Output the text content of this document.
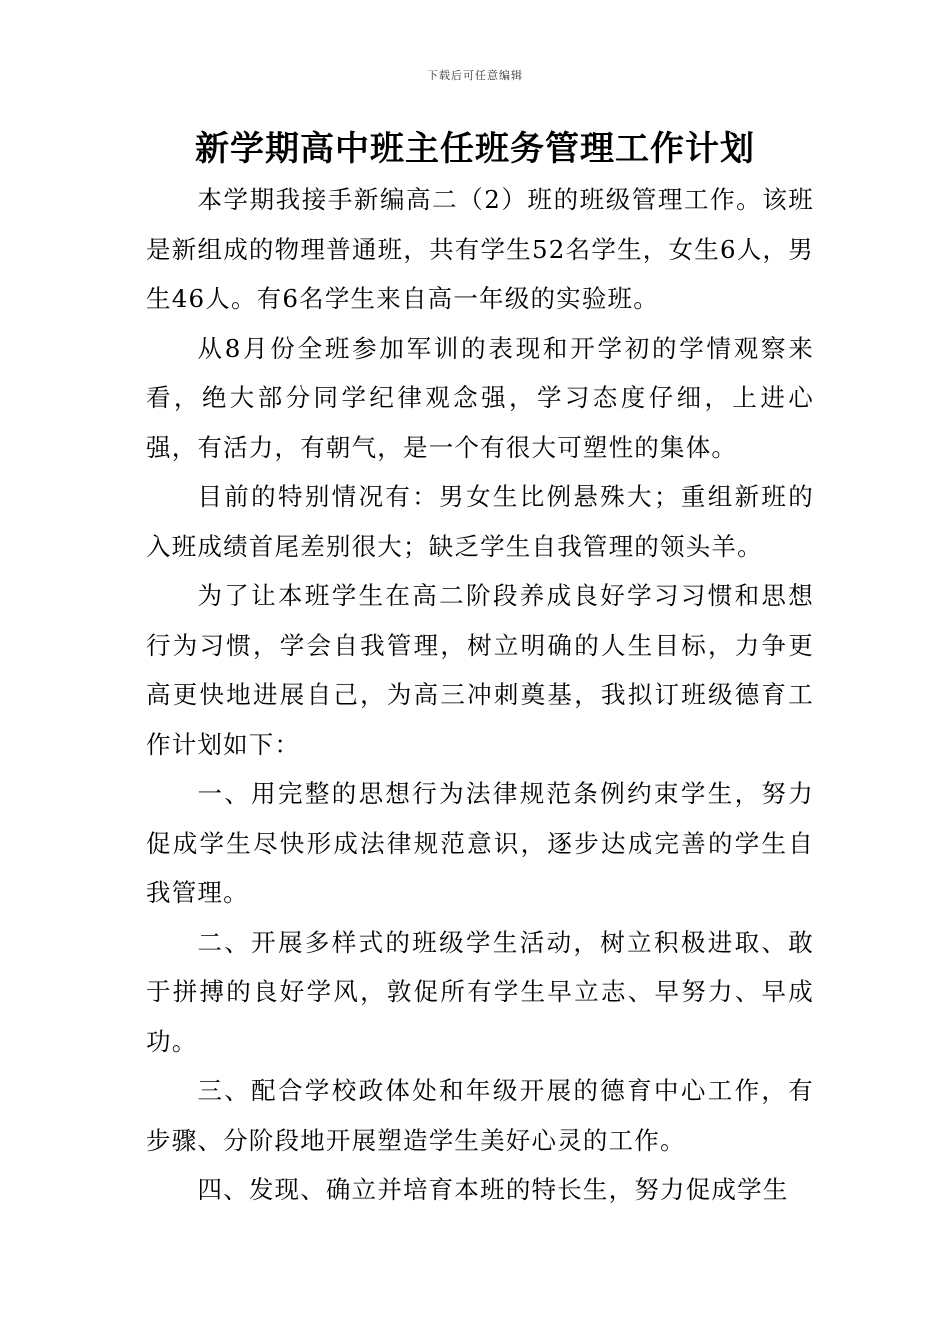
下载后可任意编辑
新学期高中班主任班务管理工作计划

本学期我接手新编高二（2）班的班级管理工作。该班是新组成的物理普通班，共有学生52名学生，女生6人，男生46人。有6名学生来自高一年级的实验班。

从8月份全班参加军训的表现和开学初的学情观察来看，绝大部分同学纪律观念强，学习态度仔细，上进心强，有活力，有朝气，是一个有很大可塑性的集体。

目前的特别情况有：男女生比例悬殊大；重组新班的入班成绩首尾差别很大；缺乏学生自我管理的领头羊。

为了让本班学生在高二阶段养成良好学习习惯和思想行为习惯，学会自我管理，树立明确的人生目标，力争更高更快地进展自己，为高三冲刺奠基，我拟订班级德育工作计划如下：

一、用完整的思想行为法律规范条例约束学生，努力促成学生尽快形成法律规范意识，逐步达成完善的学生自我管理。

二、开展多样式的班级学生活动，树立积极进取、敢于拼搏的良好学风，敦促所有学生早立志、早努力、早成功。

三、配合学校政体处和年级开展的德育中心工作，有步骤、分阶段地开展塑造学生美好心灵的工作。

四、发现、确立并培育本班的特长生，努力促成学生
